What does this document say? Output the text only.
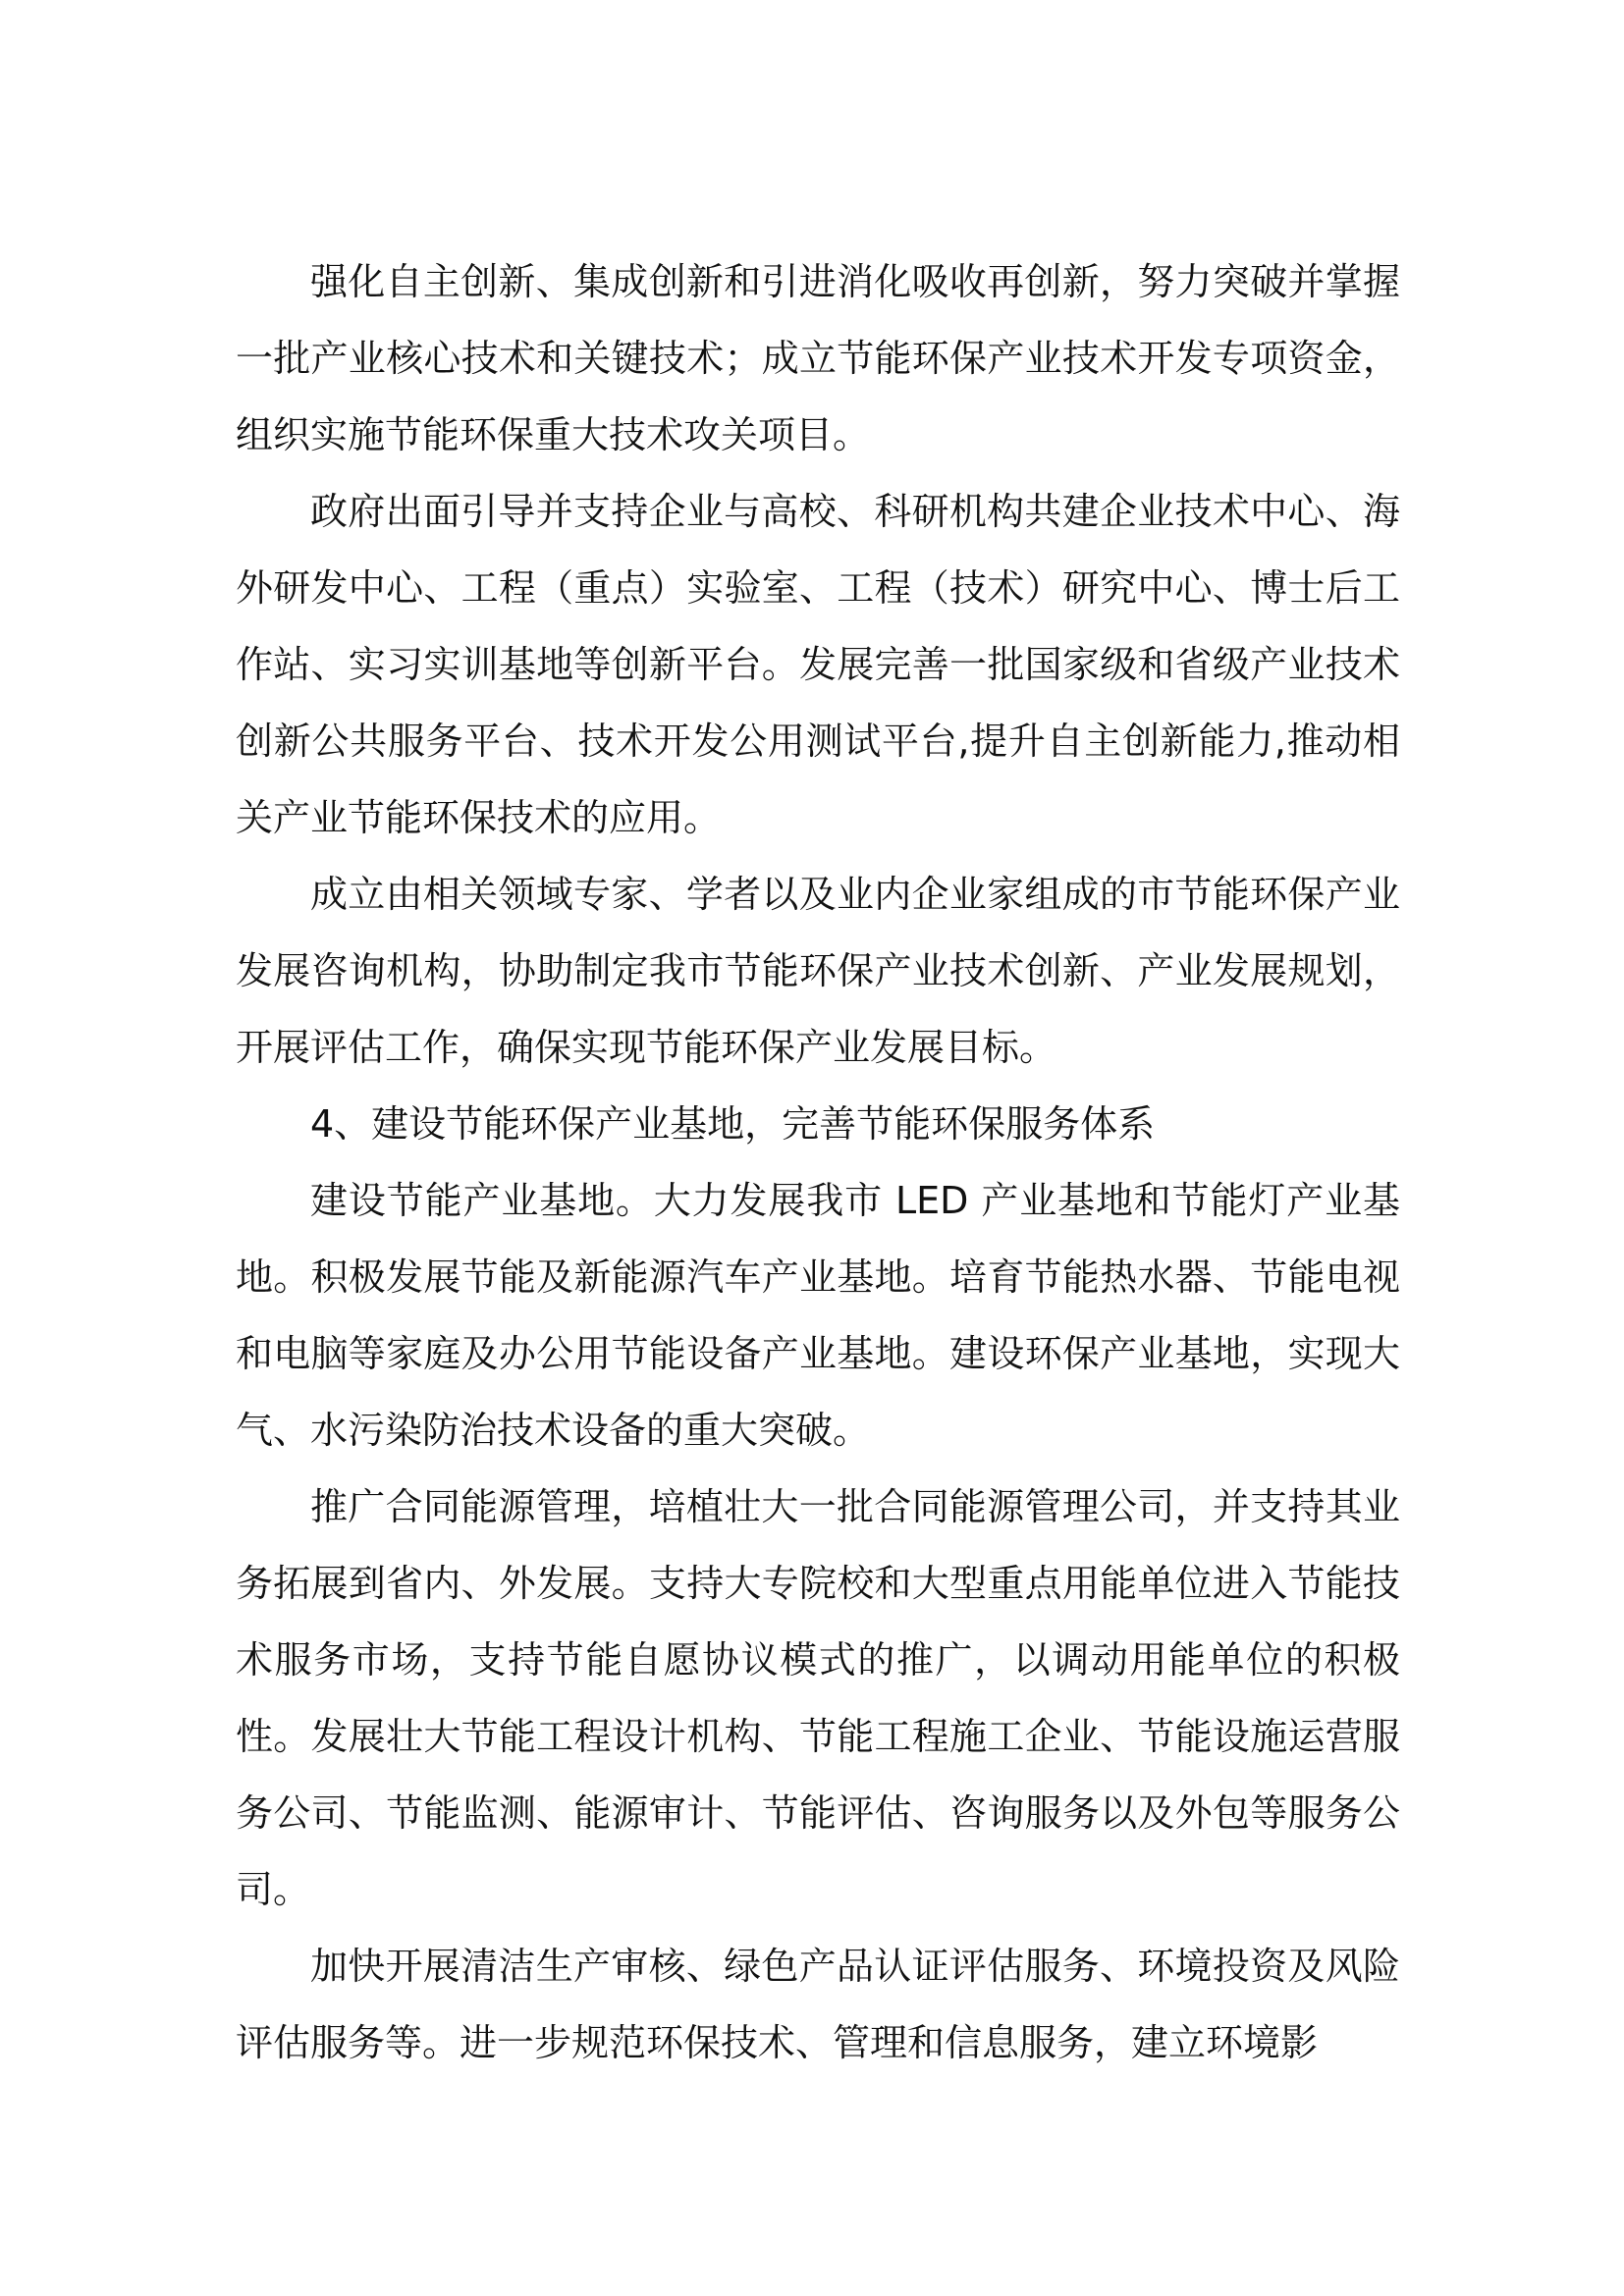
强化自主创新、集成创新和引进消化吸收再创新，努力突破并掌握一批产业核心技术和关键技术；成立节能环保产业技术开发专项资金，组织实施节能环保重大技术攻关项目。

政府出面引导并支持企业与高校、科研机构共建企业技术中心、海外研发中心、工程（重点）实验室、工程（技术）研究中心、博士后工作站、实习实训基地等创新平台。发展完善一批国家级和省级产业技术创新公共服务平台、技术开发公用测试平台,提升自主创新能力,推动相关产业节能环保技术的应用。

成立由相关领域专家、学者以及业内企业家组成的市节能环保产业发展咨询机构，协助制定我市节能环保产业技术创新、产业发展规划，开展评估工作，确保实现节能环保产业发展目标。

4、建设节能环保产业基地，完善节能环保服务体系

建设节能产业基地。大力发展我市 LED 产业基地和节能灯产业基地。积极发展节能及新能源汽车产业基地。培育节能热水器、节能电视和电脑等家庭及办公用节能设备产业基地。建设环保产业基地，实现大气、水污染防治技术设备的重大突破。

推广合同能源管理，培植壮大一批合同能源管理公司，并支持其业务拓展到省内、外发展。支持大专院校和大型重点用能单位进入节能技术服务市场，支持节能自愿协议模式的推广，以调动用能单位的积极性。发展壮大节能工程设计机构、节能工程施工企业、节能设施运营服务公司、节能监测、能源审计、节能评估、咨询服务以及外包等服务公司。

加快开展清洁生产审核、绿色产品认证评估服务、环境投资及风险评估服务等。进一步规范环保技术、管理和信息服务，建立环境影
